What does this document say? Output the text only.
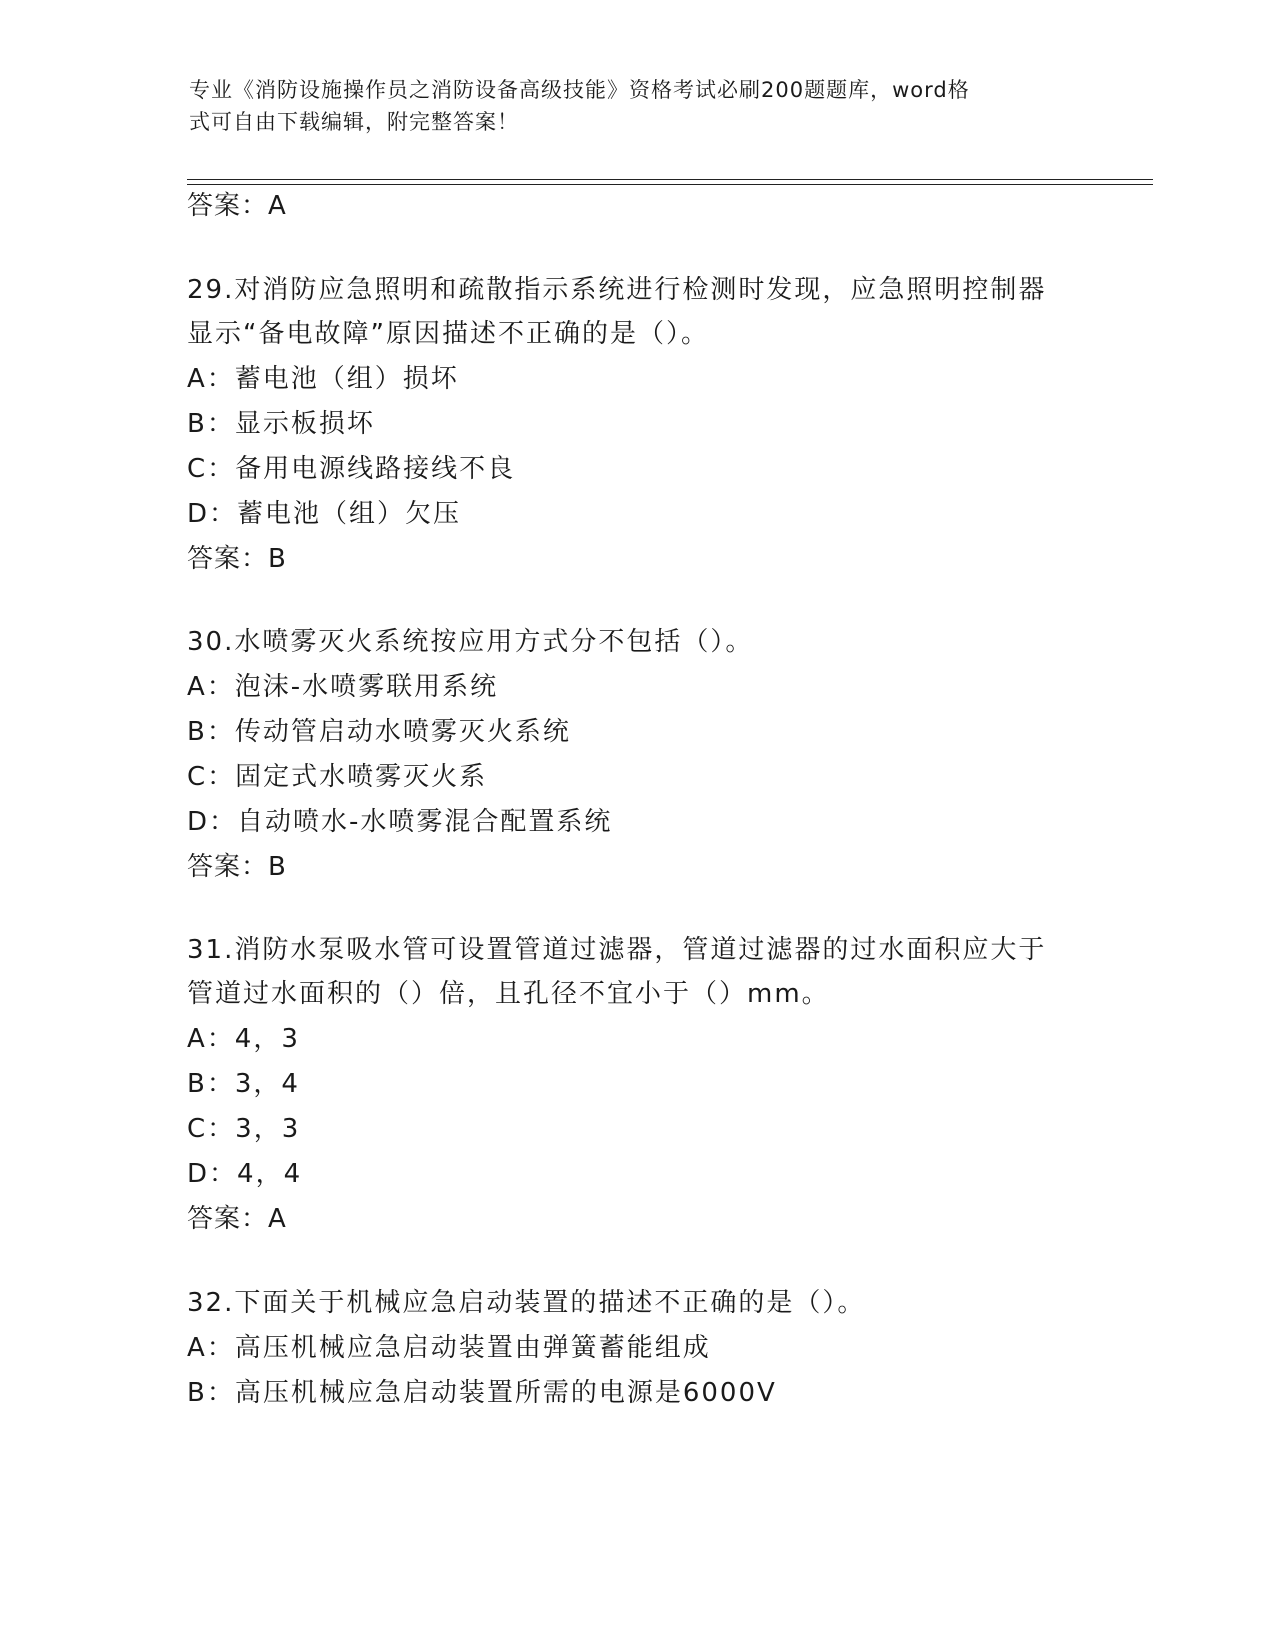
专业《消防设施操作员之消防设备高级技能》资格考试必刷200题题库，word格
式可自由下载编辑，附完整答案！
答案：A
29.对消防应急照明和疏散指示系统进行检测时发现，应急照明控制器
显示“备电故障”原因描述不正确的是（）。
A：蓄电池（组）损坏
B：显示板损坏
C：备用电源线路接线不良
D：蓄电池（组）欠压
答案：B
30.水喷雾灭火系统按应用方式分不包括（）。
A：泡沫-水喷雾联用系统
B：传动管启动水喷雾灭火系统
C：固定式水喷雾灭火系
D：自动喷水-水喷雾混合配置系统
答案：B
31.消防水泵吸水管可设置管道过滤器，管道过滤器的过水面积应大于
管道过水面积的（）倍，且孔径不宜小于（）mm。
A：4，3
B：3，4
C：3，3
D：4，4
答案：A
32.下面关于机械应急启动装置的描述不正确的是（）。
A：高压机械应急启动装置由弹簧蓄能组成
B：高压机械应急启动装置所需的电源是6000V
